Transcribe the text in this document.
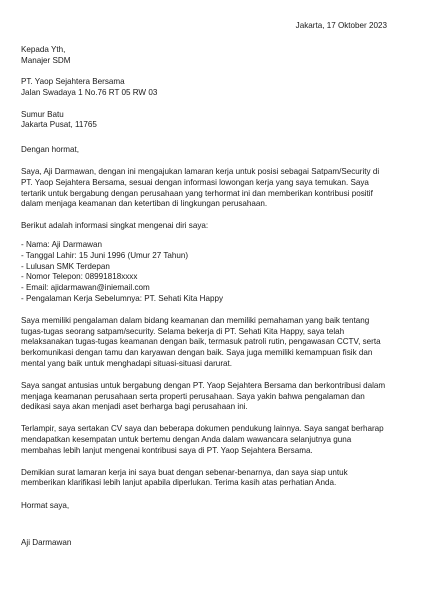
Jakarta, 17 Oktober 2023

Kepada Yth,

Manajer SDM

PT. Yaop Sejahtera Bersama

Jalan Swadaya 1 No.76 RT 05 RW 03

Sumur Batu

Jakarta Pusat, 11765

Dengan hormat,

Saya, Aji Darmawan, dengan ini mengajukan lamaran kerja untuk posisi sebagai Satpam/Security di PT. Yaop Sejahtera Bersama, sesuai dengan informasi lowongan kerja yang saya temukan. Saya tertarik untuk bergabung dengan perusahaan yang terhormat ini dan memberikan kontribusi positif dalam menjaga keamanan dan ketertiban di lingkungan perusahaan.

Berikut adalah informasi singkat mengenai diri saya:

- Nama: Aji Darmawan
- Tanggal Lahir: 15 Juni 1996 (Umur 27 Tahun)
- Lulusan SMK Terdepan
- Nomor Telepon: 08991818xxxx
- Email: ajidarmawan@iniemail.com
- Pengalaman Kerja Sebelumnya: PT. Sehati Kita Happy

Saya memiliki pengalaman dalam bidang keamanan dan memiliki pemahaman yang baik tentang tugas-tugas seorang satpam/security. Selama bekerja di PT. Sehati Kita Happy, saya telah melaksanakan tugas-tugas keamanan dengan baik, termasuk patroli rutin, pengawasan CCTV, serta berkomunikasi dengan tamu dan karyawan dengan baik. Saya juga memiliki kemampuan fisik dan mental yang baik untuk menghadapi situasi-situasi darurat.

Saya sangat antusias untuk bergabung dengan PT. Yaop Sejahtera Bersama dan berkontribusi dalam menjaga keamanan perusahaan serta properti perusahaan. Saya yakin bahwa pengalaman dan dedikasi saya akan menjadi aset berharga bagi perusahaan ini.

Terlampir, saya sertakan CV saya dan beberapa dokumen pendukung lainnya. Saya sangat berharap mendapatkan kesempatan untuk bertemu dengan Anda dalam wawancara selanjutnya guna membahas lebih lanjut mengenai kontribusi saya di PT. Yaop Sejahtera Bersama.

Demikian surat lamaran kerja ini saya buat dengan sebenar-benarnya, dan saya siap untuk memberikan klarifikasi lebih lanjut apabila diperlukan. Terima kasih atas perhatian Anda.

Hormat saya,

Aji Darmawan
